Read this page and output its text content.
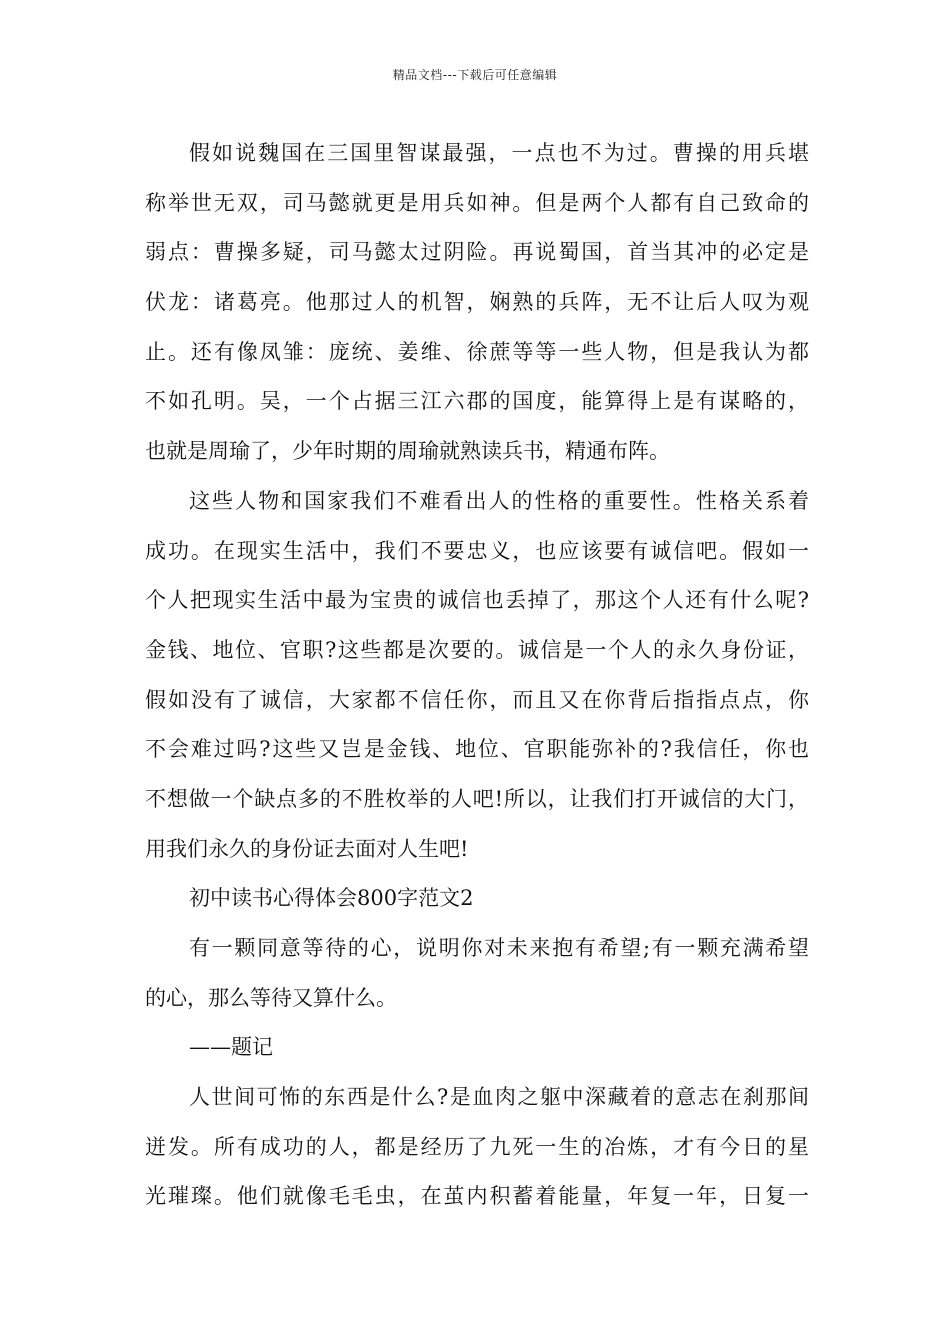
精品文档---下载后可任意编辑
假如说魏国在三国里智谋最强，一点也不为过。曹操的用兵堪
称举世无双，司马懿就更是用兵如神。但是两个人都有自己致命的
弱点：曹操多疑，司马懿太过阴险。再说蜀国，首当其冲的必定是
伏龙：诸葛亮。他那过人的机智，娴熟的兵阵，无不让后人叹为观
止。还有像凤雏：庞统、姜维、徐蔗等等一些人物，但是我认为都
不如孔明。吴，一个占据三江六郡的国度，能算得上是有谋略的，
也就是周瑜了，少年时期的周瑜就熟读兵书，精通布阵。
这些人物和国家我们不难看出人的性格的重要性。性格关系着
成功。在现实生活中，我们不要忠义，也应该要有诚信吧。假如一
个人把现实生活中最为宝贵的诚信也丢掉了，那这个人还有什么呢?
金钱、地位、官职?这些都是次要的。诚信是一个人的永久身份证，
假如没有了诚信，大家都不信任你，而且又在你背后指指点点，你
不会难过吗?这些又岂是金钱、地位、官职能弥补的?我信任，你也
不想做一个缺点多的不胜枚举的人吧!所以，让我们打开诚信的大门，
用我们永久的身份证去面对人生吧!
初中读书心得体会800字范文2
有一颗同意等待的心，说明你对未来抱有希望;有一颗充满希望
的心，那么等待又算什么。
——题记
人世间可怖的东西是什么?是血肉之躯中深藏着的意志在刹那间
迸发。所有成功的人，都是经历了九死一生的冶炼，才有今日的星
光璀璨。他们就像毛毛虫，在茧内积蓄着能量，年复一年，日复一
